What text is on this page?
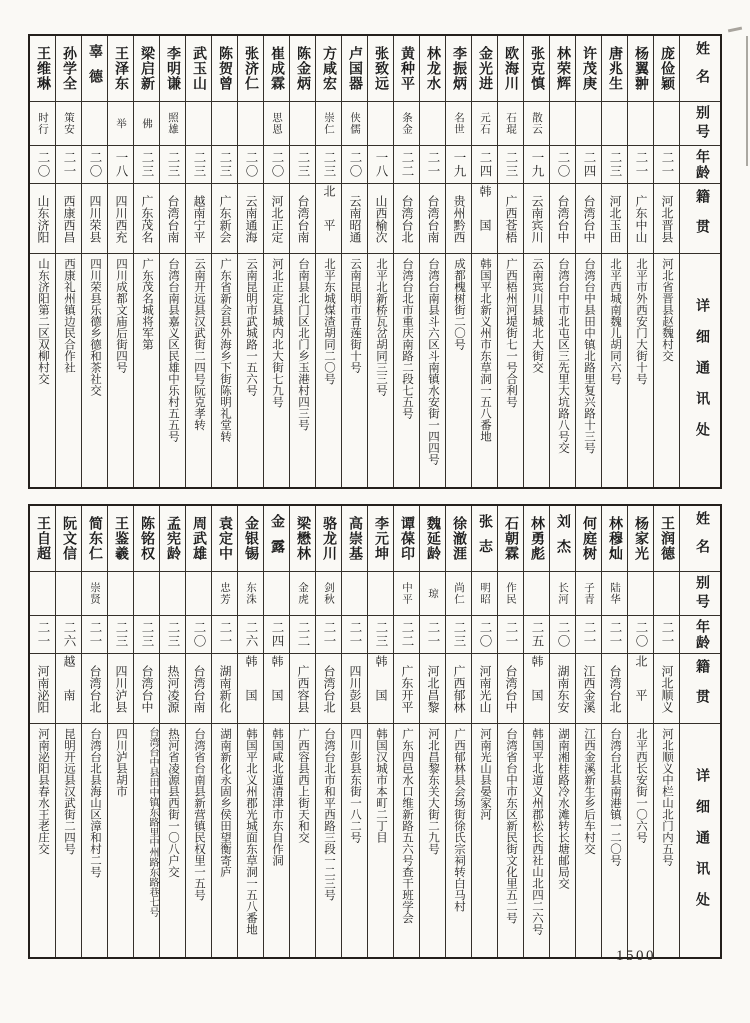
姓名
别号
年龄
籍贯
详细通讯处
庞俭颖
二一
河北晋县
河北省晋县赵魏村交
杨翼翀
二一
广东中山
北平市外西安门大街十号
唐兆生
二三
河北玉田
北平西城南魏儿胡同六号
许茂庚
二四
台湾台中
台湾台中县田中镇北路里复兴路十三号
林荣辉
二〇
台湾台中
台湾台中市北屯区三先里大坑路八号交
张克慎
散云
一九
云南宾川
云南宾川县城北大街交
欧海川
石琨
二三
广西苍梧
广西梧州河堤街七一号合利号
金光进
元石
二四
韩国
韩国平北新义州市东草洞一五八番地
李振炳
名世
一九
贵州黔西
成都槐树街二〇号
林龙水
二一
台湾台南
台湾台南县斗六区斗南镇水安街一四四号
黄种平
条金
二二
台湾台北
台湾台北市重庆南路二段七五号
张致远
一八
山西榆次
北平北新桥瓦岔胡同三三号
卢国器
侠儒
二〇
云南昭通
云南昆明市青莲街十号
方咸宏
崇仁
二三
北平
北平东城煤渣胡同二〇号
陈金炳
二三
台湾台南
台南县北门区北门乡玉港村四三号
崔成霖
思恩
二〇
河北正定
河北正定县城内北大街七九号
张济仁
二〇
云南通海
云南昆明市武城路一五六号
陈贺曾
二三
广东新会
广东省新会县外海乡下街陈明礼堂转
武玉山
二三
越南宁平
云南开远县汉武街二四号阮克孝转
李明谦
照雄
二三
台湾台南
台湾台南县嘉义区民雄中乐村五五号
梁启新
佛
二三
广东茂名
广东茂名城将军第
王泽东
举
一八
四川西充
四川成都文庙后街四号
辜德
二〇
四川荣县
四川荣县乐德乡德和茶社交
孙学全
策安
二一
西康西昌
西康礼州镇边民合作社
王维琳
时行
二〇
山东济阳
山东济阳第二区双柳村交
姓名
别号
年龄
籍贯
详细通讯处
王润德
二一
河北顺义
河北顺义中栏山北门内五号
杨家光
二〇
北平
北平西长安街一〇六号
林穆灿
陆华
二一
台湾台北
台湾台北县南港镇一二〇号
何庭树
子青
二一
江西金溪
江西金溪新生乡后车村交
刘杰
长河
二〇
湖南东安
湖南湘桂路冷水滩转长塘邮局交
林勇彪
二五
韩国
韩国平北道义州郡松长西社山北四二六号
石朝霖
作民
二一
台湾台中
台湾省台中市东区新民街文化里五二号
张志
明昭
二〇
河南光山
河南光山县晏家河
徐澈涯
尚仁
二三
广西郁林
广西郁林县会场街徐氏宗祠转白马村
魏延龄
琼
二一
河北昌黎
河北昌黎东关大街二九号
谭葆印
中平
二二
广东开平
广东四邑水口维新路五六号查干班学会
李元坤
二三
韩国
韩国汉城市本町二丁目
高崇基
二一
四川彭县
四川彭县东街一八二号
骆龙川
剑秋
二一
台湾台北
台湾台北市和平西路三段一二三号
梁懋林
金虎
二二
广西容县
广西容县西上街天和交
金露
二四
韩国
韩国咸北道清津市东自作洞
金银锡
东洙
二六
韩国
韩国平北义州郡光城面东草洞一五八番地
袁定中
忠芳
二一
湖南新化
湖南新化永固乡侯田望衡寄庐
周武雄
二〇
台湾台南
台湾省台南县新营镇民权里一五号
孟宪龄
二三
热河凌源
热河省凌源县西街一〇八户交
陈铭权
二三
台湾台中
台湾台中县田中镇东路里中州路东路巷七号
王鉴羲
二三
四川泸县
四川泸县胡市
简东仁
崇贤
二一
台湾台北
台湾台北县海山区漳和村二号
阮文信
二六
越南
昆明开远县汉武街二四号
王自超
二一
河南泌阳
河南泌阳县春水王老庄交
1500
